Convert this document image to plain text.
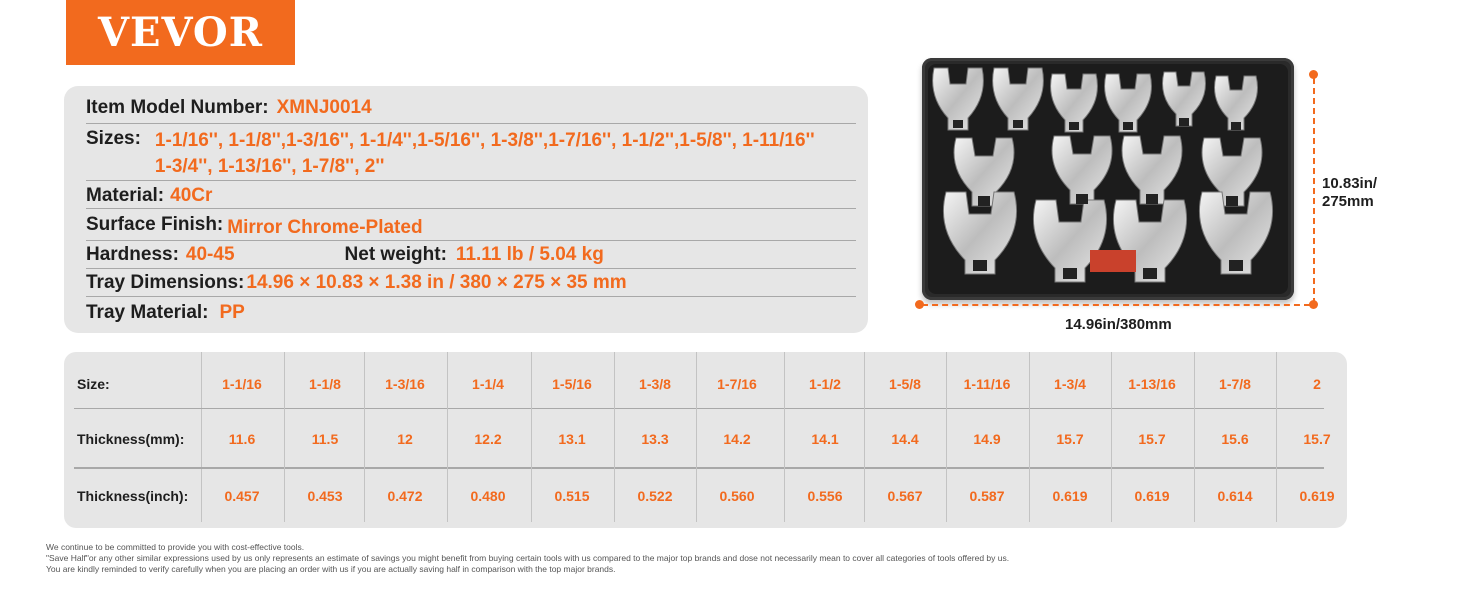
VEVOR
Item Model Number: XMNJ0014
Sizes: 1-1/16'', 1-1/8'',1-3/16'', 1-1/4'',1-5/16'', 1-3/8'',1-7/16'', 1-1/2'',1-5/8'', 1-11/16''
1-3/4'', 1-13/16'', 1-7/8'', 2''
Material: 40Cr
Surface Finish: Mirror Chrome-Plated
Hardness: 40-45	Net weight: 11.11 lb / 5.04 kg
Tray Dimensions: 14.96 × 10.83 × 1.38 in / 380 × 275 × 35 mm
Tray Material: PP
10.83in/
275mm
14.96in/380mm
Size:	1-1/16	1-1/8	1-3/16	1-1/4	1-5/16	1-3/8	1-7/16	1-1/2	1-5/8	1-11/16	1-3/4	1-13/16	1-7/8	2
Thickness(mm):	11.6	11.5	12	12.2	13.1	13.3	14.2	14.1	14.4	14.9	15.7	15.7	15.6	15.7
Thickness(inch):	0.457	0.453	0.472	0.480	0.515	0.522	0.560	0.556	0.567	0.587	0.619	0.619	0.614	0.619
We continue to be committed to provide you with cost-effective tools.
"Save Half"or any other similar expressions used by us only represents an estimate of savings you might benefit from buying certain tools with us compared to the major top brands and dose not necessarily mean to cover all categories of tools offered by us.
You are kindly reminded to verify carefully when you are placing an order with us if you are actually saving half in comparison with the top major brands.
